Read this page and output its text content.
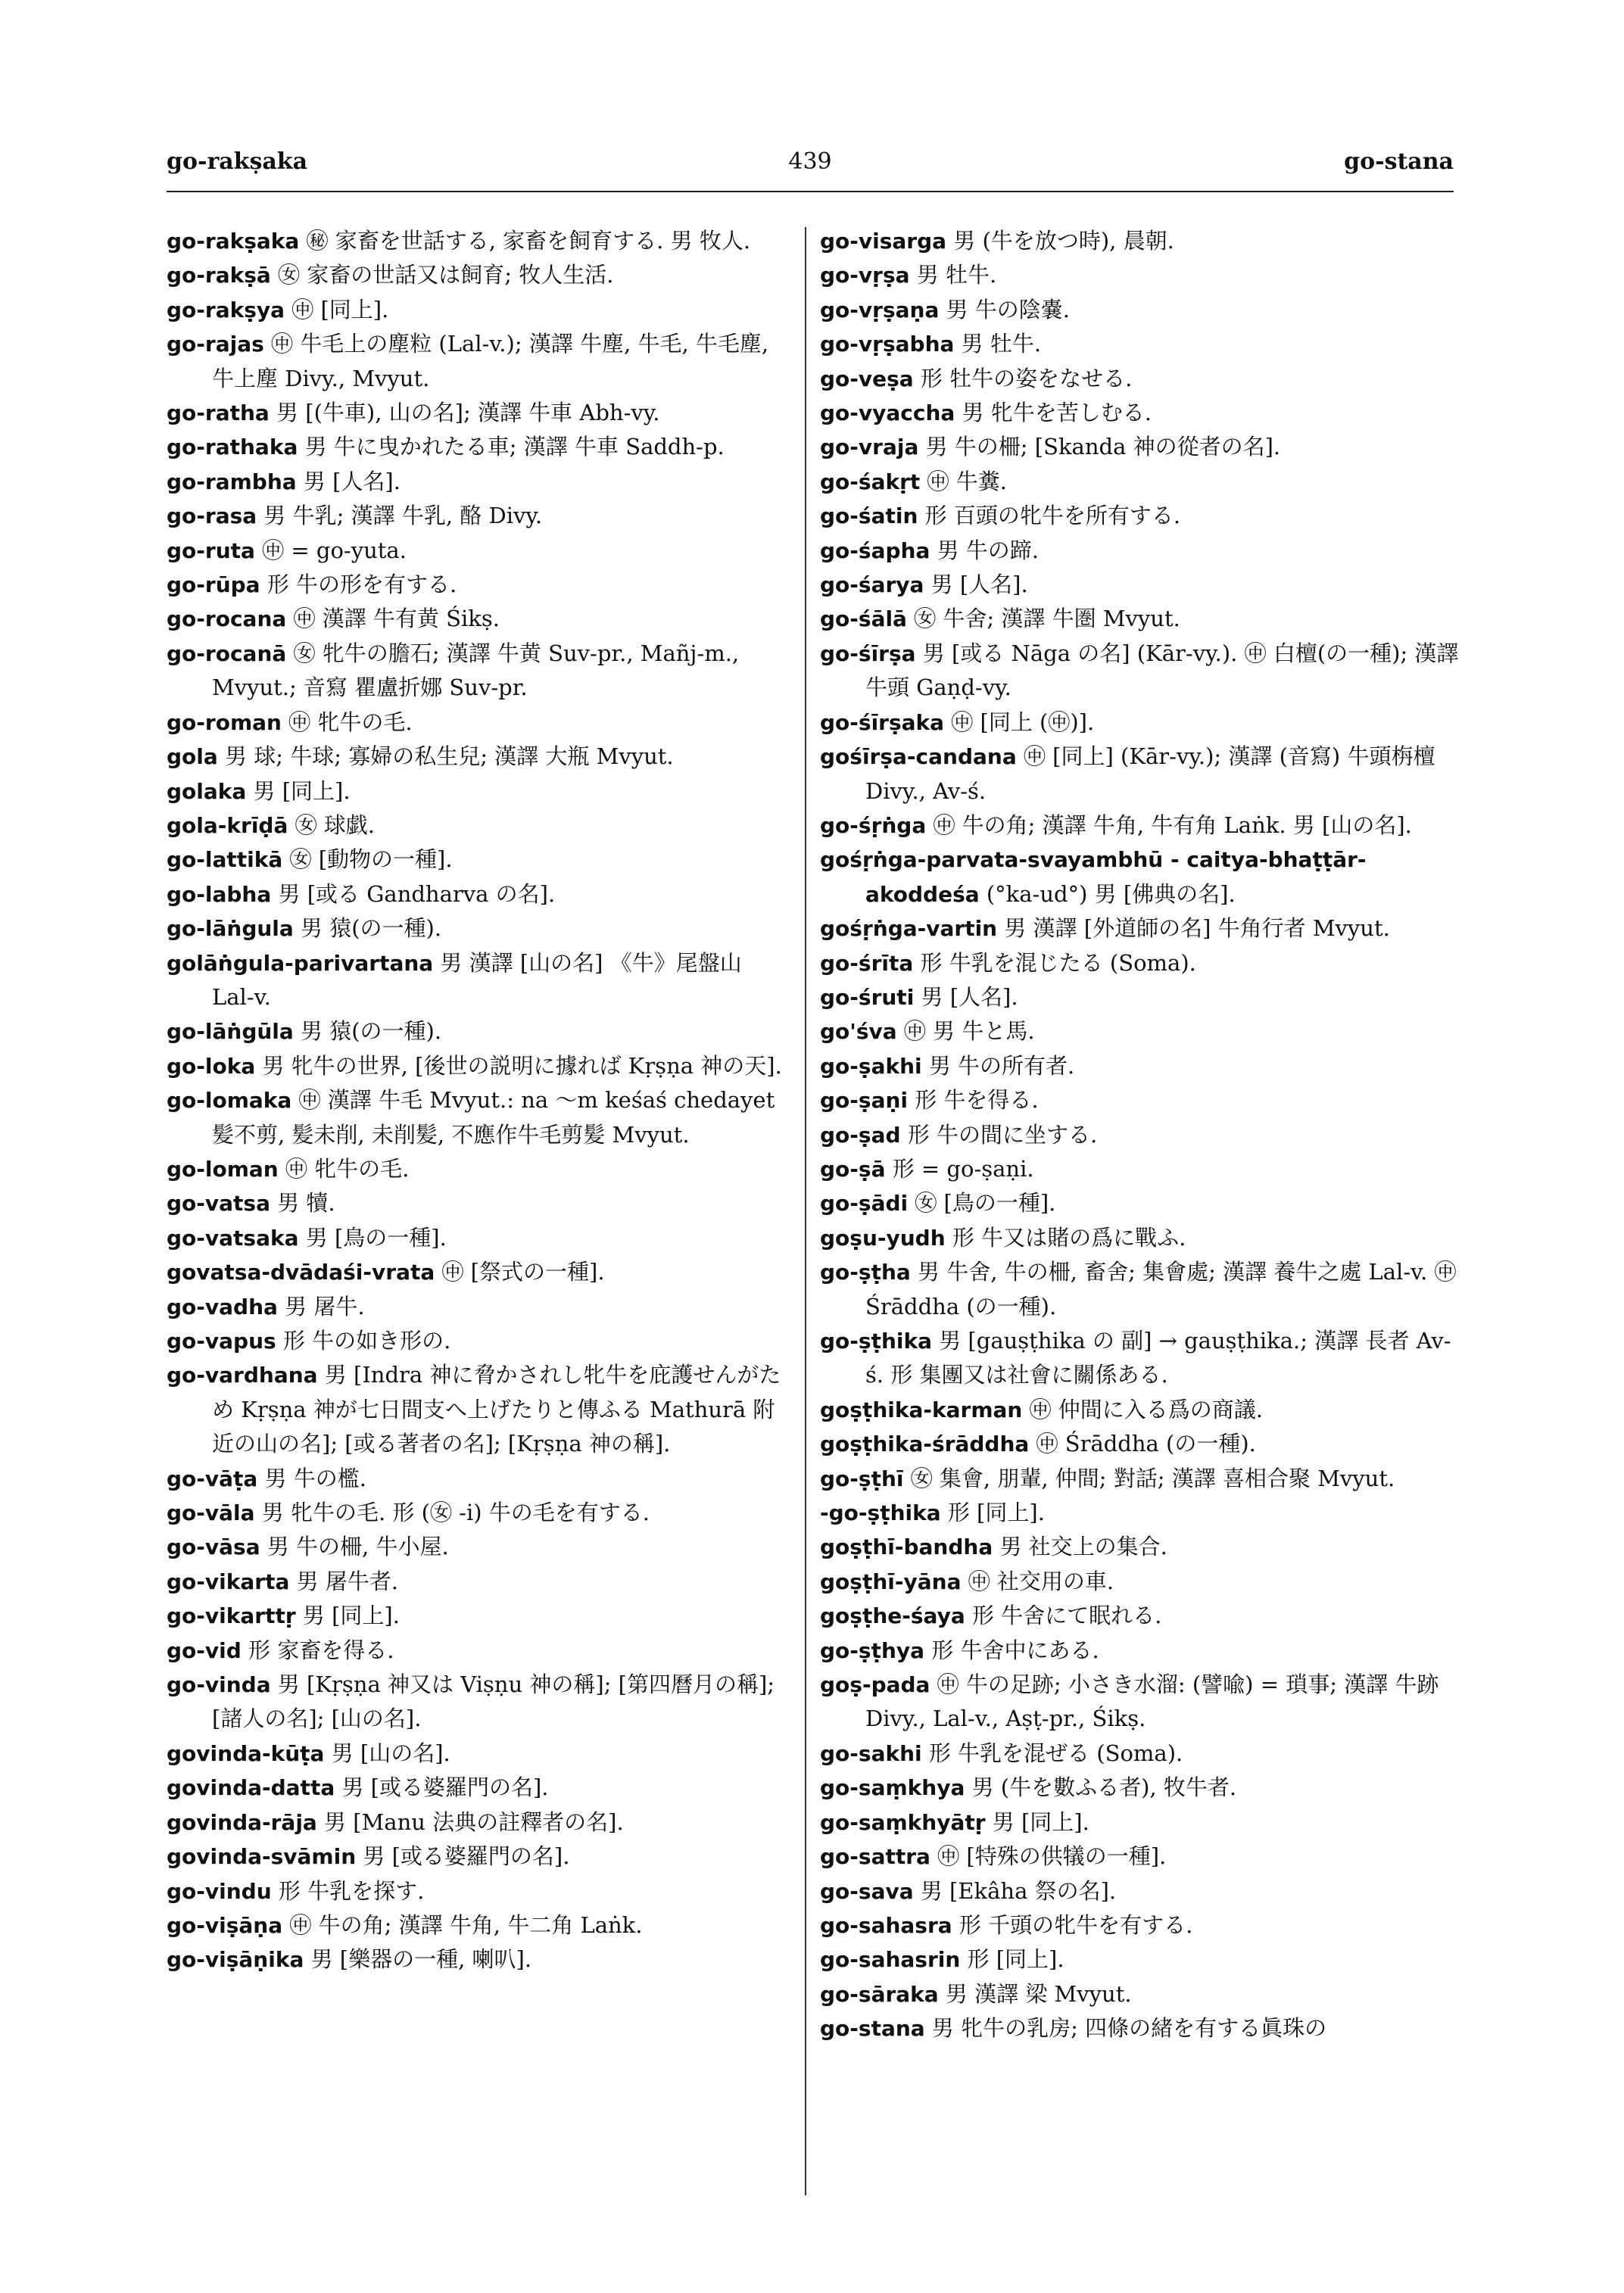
439
go-rakṣaka	go-stana

go-rakṣaka ㊙ 家畜を世話する, 家畜を飼育する. 男 牧人.

go-rakṣā ㊛ 家畜の世話又は飼育; 牧人生活.

go-rakṣya ㊥ [同上].

go-rajas ㊥ 牛毛上の塵粒 (Lal-v.); 漢譯 牛塵, 牛毛, 牛毛塵, 牛上塵 Divy., Mvyut.

go-ratha 男 [(牛車), 山の名]; 漢譯 牛車 Abh-vy.

go-rathaka 男 牛に曳かれたる車; 漢譯 牛車 Saddh-p.

go-rambha 男 [人名].

go-rasa 男 牛乳; 漢譯 牛乳, 酪 Divy.

go-ruta ㊥ = go-yuta.

go-rūpa 形 牛の形を有する.

go-rocana ㊥ 漢譯 牛有黄 Śikṣ.

go-rocanā ㊛ 牝牛の膽石; 漢譯 牛黄 Suv-pr., Mañj-m., Mvyut.; 音寫 瞿盧折娜 Suv-pr.

go-roman ㊥ 牝牛の毛.

gola 男 球; 牛球; 寡婦の私生兒; 漢譯 大瓶 Mvyut.

golaka 男 [同上].

gola-krīḍā ㊛ 球戯.

go-lattikā ㊛ [動物の一種].

go-labha 男 [或る Gandharva の名].

go-lāṅgula 男 猿(の一種).

golāṅgula-parivartana 男 漢譯 [山の名] 《牛》尾盤山 Lal-v.

go-lāṅgūla 男 猿(の一種).

go-loka 男 牝牛の世界, [後世の説明に據れば Kṛṣṇa 神の天].

go-lomaka ㊥ 漢譯 牛毛 Mvyut.: na 〜m keśaś chedayet 髪不剪, 髪未削, 未削髪, 不應作牛毛剪髪 Mvyut.

go-loman ㊥ 牝牛の毛.

go-vatsa 男 犢.

go-vatsaka 男 [鳥の一種].

govatsa-dvādaśi-vrata ㊥ [祭式の一種].

go-vadha 男 屠牛.

go-vapus 形 牛の如き形の.

go-vardhana 男 [Indra 神に脅かされし牝牛を庇護せんがため Kṛṣṇa 神が七日間支へ上げたりと傳ふる Mathurā 附近の山の名]; [或る著者の名]; [Kṛṣṇa 神の稱].

go-vāṭa 男 牛の檻.

go-vāla 男 牝牛の毛. 形 (㊛ -i) 牛の毛を有する.

go-vāsa 男 牛の柵, 牛小屋.

go-vikarta 男 屠牛者.

go-vikarttṛ 男 [同上].

go-vid 形 家畜を得る.

go-vinda 男 [Kṛṣṇa 神又は Viṣṇu 神の稱]; [第四曆月の稱]; [諸人の名]; [山の名].

govinda-kūṭa 男 [山の名].

govinda-datta 男 [或る婆羅門の名].

govinda-rāja 男 [Manu 法典の註釋者の名].

govinda-svāmin 男 [或る婆羅門の名].

go-vindu 形 牛乳を探す.

go-viṣāṇa ㊥ 牛の角; 漢譯 牛角, 牛二角 Laṅk.

go-viṣāṇika 男 [樂器の一種, 喇叭].

go-visarga 男 (牛を放つ時), 晨朝.

go-vṛṣa 男 牡牛.

go-vṛṣaṇa 男 牛の陰嚢.

go-vṛṣabha 男 牡牛.

go-veṣa 形 牡牛の姿をなせる.

go-vyaccha 男 牝牛を苦しむる.

go-vraja 男 牛の柵; [Skanda 神の從者の名].

go-śakṛt ㊥ 牛糞.

go-śatin 形 百頭の牝牛を所有する.

go-śapha 男 牛の蹄.

go-śarya 男 [人名].

go-śālā ㊛ 牛舍; 漢譯 牛圏 Mvyut.

go-śīrṣa 男 [或る Nāga の名] (Kār-vy.). ㊥ 白檀(の一種); 漢譯 牛頭 Gaṇḍ-vy.

go-śīrṣaka ㊥ [同上 (㊥)].

gośīrṣa-candana ㊥ [同上] (Kār-vy.); 漢譯 (音寫) 牛頭栴檀 Divy., Av-ś.

go-śṛṅga ㊥ 牛の角; 漢譯 牛角, 牛有角 Laṅk. 男 [山の名].

gośṛṅga-parvata-svayambhū - caitya-bhaṭṭār-akoddeśa (°ka-ud°) 男 [佛典の名].

gośṛṅga-vartin 男 漢譯 [外道師の名] 牛角行者 Mvyut.

go-śrīta 形 牛乳を混じたる (Soma).

go-śruti 男 [人名].

go'śva ㊥ 男 牛と馬.

go-ṣakhi 男 牛の所有者.

go-ṣaṇi 形 牛を得る.

go-ṣad 形 牛の間に坐する.

go-ṣā 形 = go-ṣaṇi.

go-ṣādi ㊛ [鳥の一種].

goṣu-yudh 形 牛又は賭の爲に戰ふ.

go-ṣṭha 男 牛舍, 牛の柵, 畜舍; 集會處; 漢譯 養牛之處 Lal-v. ㊥ Śrāddha (の一種).

go-ṣṭhika 男 [gauṣṭhika の 副] → gauṣṭhika.; 漢譯 長者 Av-ś. 形 集團又は社會に關係ある.

goṣṭhika-karman ㊥ 仲間に入る爲の商議.

goṣṭhika-śrāddha ㊥ Śrāddha (の一種).

go-ṣṭhī ㊛ 集會, 朋輩, 仲間; 對話; 漢譯 喜相合聚 Mvyut.

-go-ṣṭhika 形 [同上].

goṣṭhī-bandha 男 社交上の集合.

goṣṭhī-yāna ㊥ 社交用の車.

goṣṭhe-śaya 形 牛舍にて眠れる.

go-ṣṭhya 形 牛舍中にある.

goṣ-pada ㊥ 牛の足跡; 小さき水溜: (譬喩) = 瑣事; 漢譯 牛跡 Divy., Lal-v., Aṣṭ-pr., Śikṣ.

go-sakhi 形 牛乳を混ぜる (Soma).

go-saṃkhya 男 (牛を數ふる者), 牧牛者.

go-saṃkhyātṛ 男 [同上].

go-sattra ㊥ [特殊の供犠の一種].

go-sava 男 [Ekâha 祭の名].

go-sahasra 形 千頭の牝牛を有する.

go-sahasrin 形 [同上].

go-sāraka 男 漢譯 梁 Mvyut.

go-stana 男 牝牛の乳房; 四條の緒を有する眞珠の
